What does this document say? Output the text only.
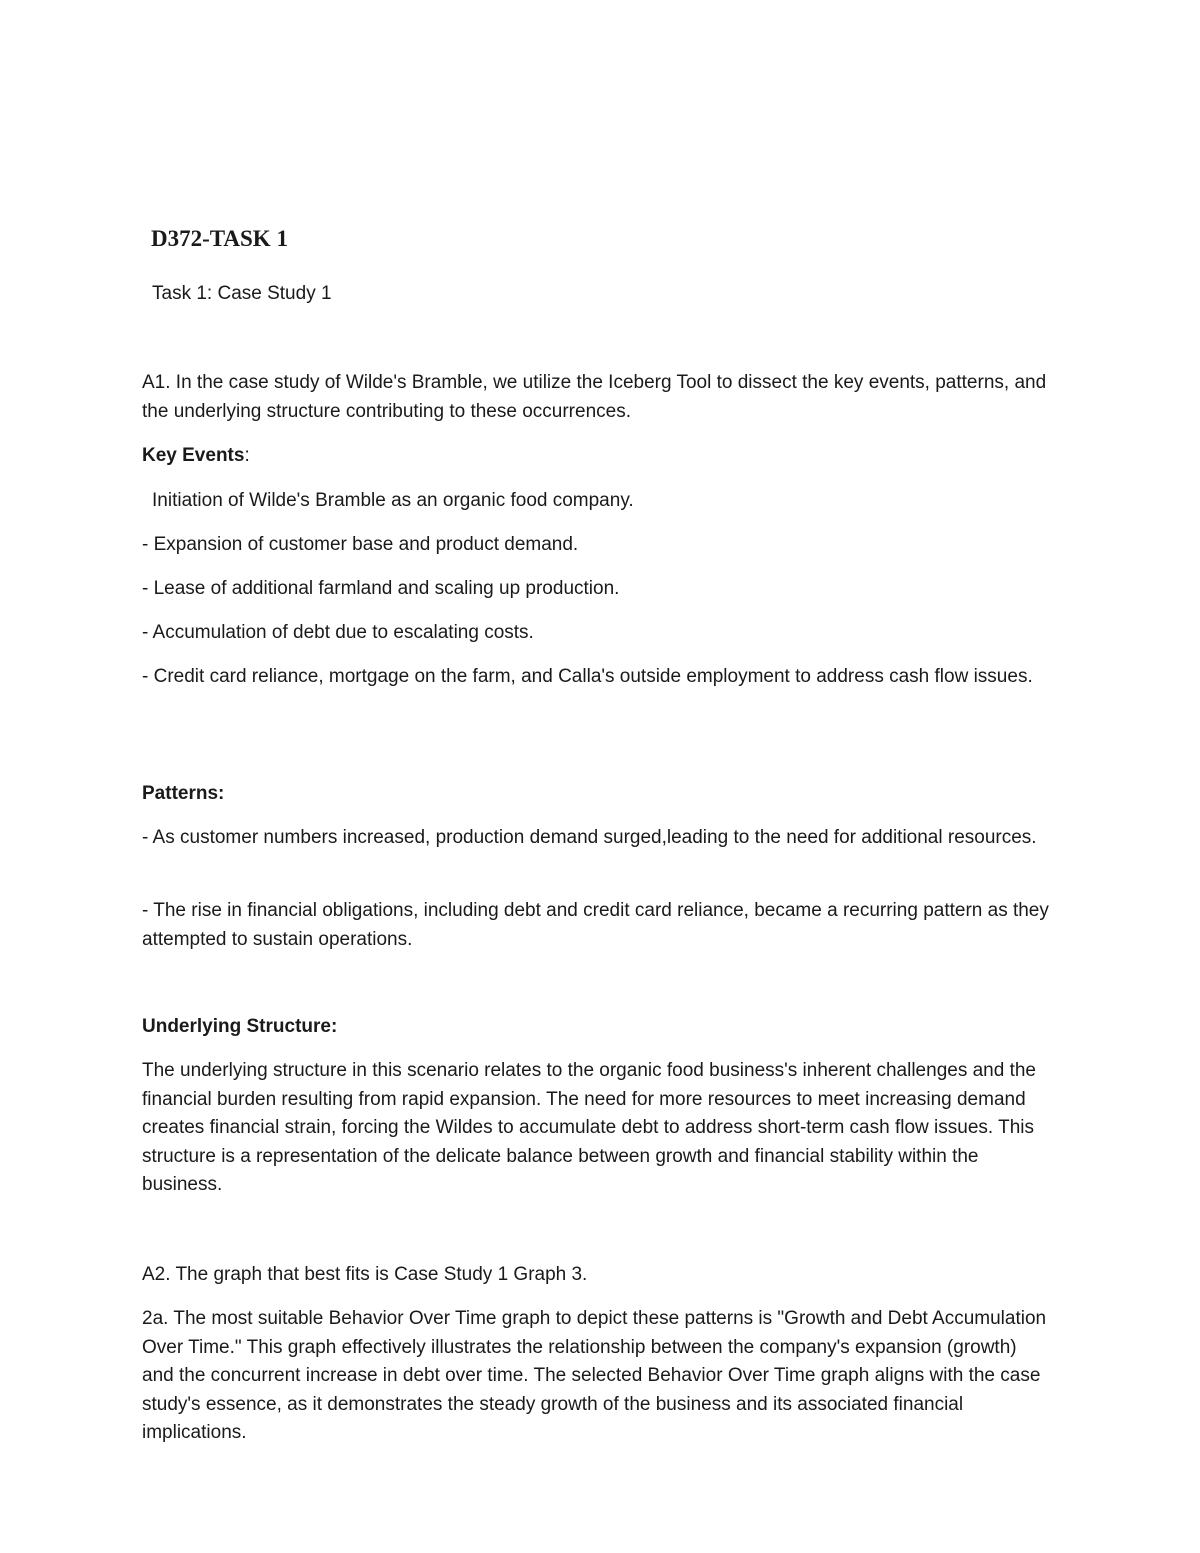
D372-TASK 1

Task 1: Case Study 1

A1. In the case study of Wilde's Bramble, we utilize the Iceberg Tool to dissect the key events, patterns, and the underlying structure contributing to these occurrences.

Key Events:

Initiation of Wilde's Bramble as an organic food company.

- Expansion of customer base and product demand.

- Lease of additional farmland and scaling up production.

- Accumulation of debt due to escalating costs.

- Credit card reliance, mortgage on the farm, and Calla's outside employment to address cash flow issues.

Patterns:

- As customer numbers increased, production demand surged,leading to the need for additional resources.

- The rise in financial obligations, including debt and credit card reliance, became a recurring pattern as they attempted to sustain operations.

Underlying Structure:

The underlying structure in this scenario relates to the organic food business's inherent challenges and the financial burden resulting from rapid expansion. The need for more resources to meet increasing demand creates financial strain, forcing the Wildes to accumulate debt to address short-term cash flow issues. This structure is a representation of the delicate balance between growth and financial stability within the business.

A2. The graph that best fits is Case Study 1 Graph 3.

2a. The most suitable Behavior Over Time graph to depict these patterns is "Growth and Debt Accumulation Over Time." This graph effectively illustrates the relationship between the company's expansion (growth) and the concurrent increase in debt over time. The selected Behavior Over Time graph aligns with the case study's essence, as it demonstrates the steady growth of the business and its associated financial implications.
